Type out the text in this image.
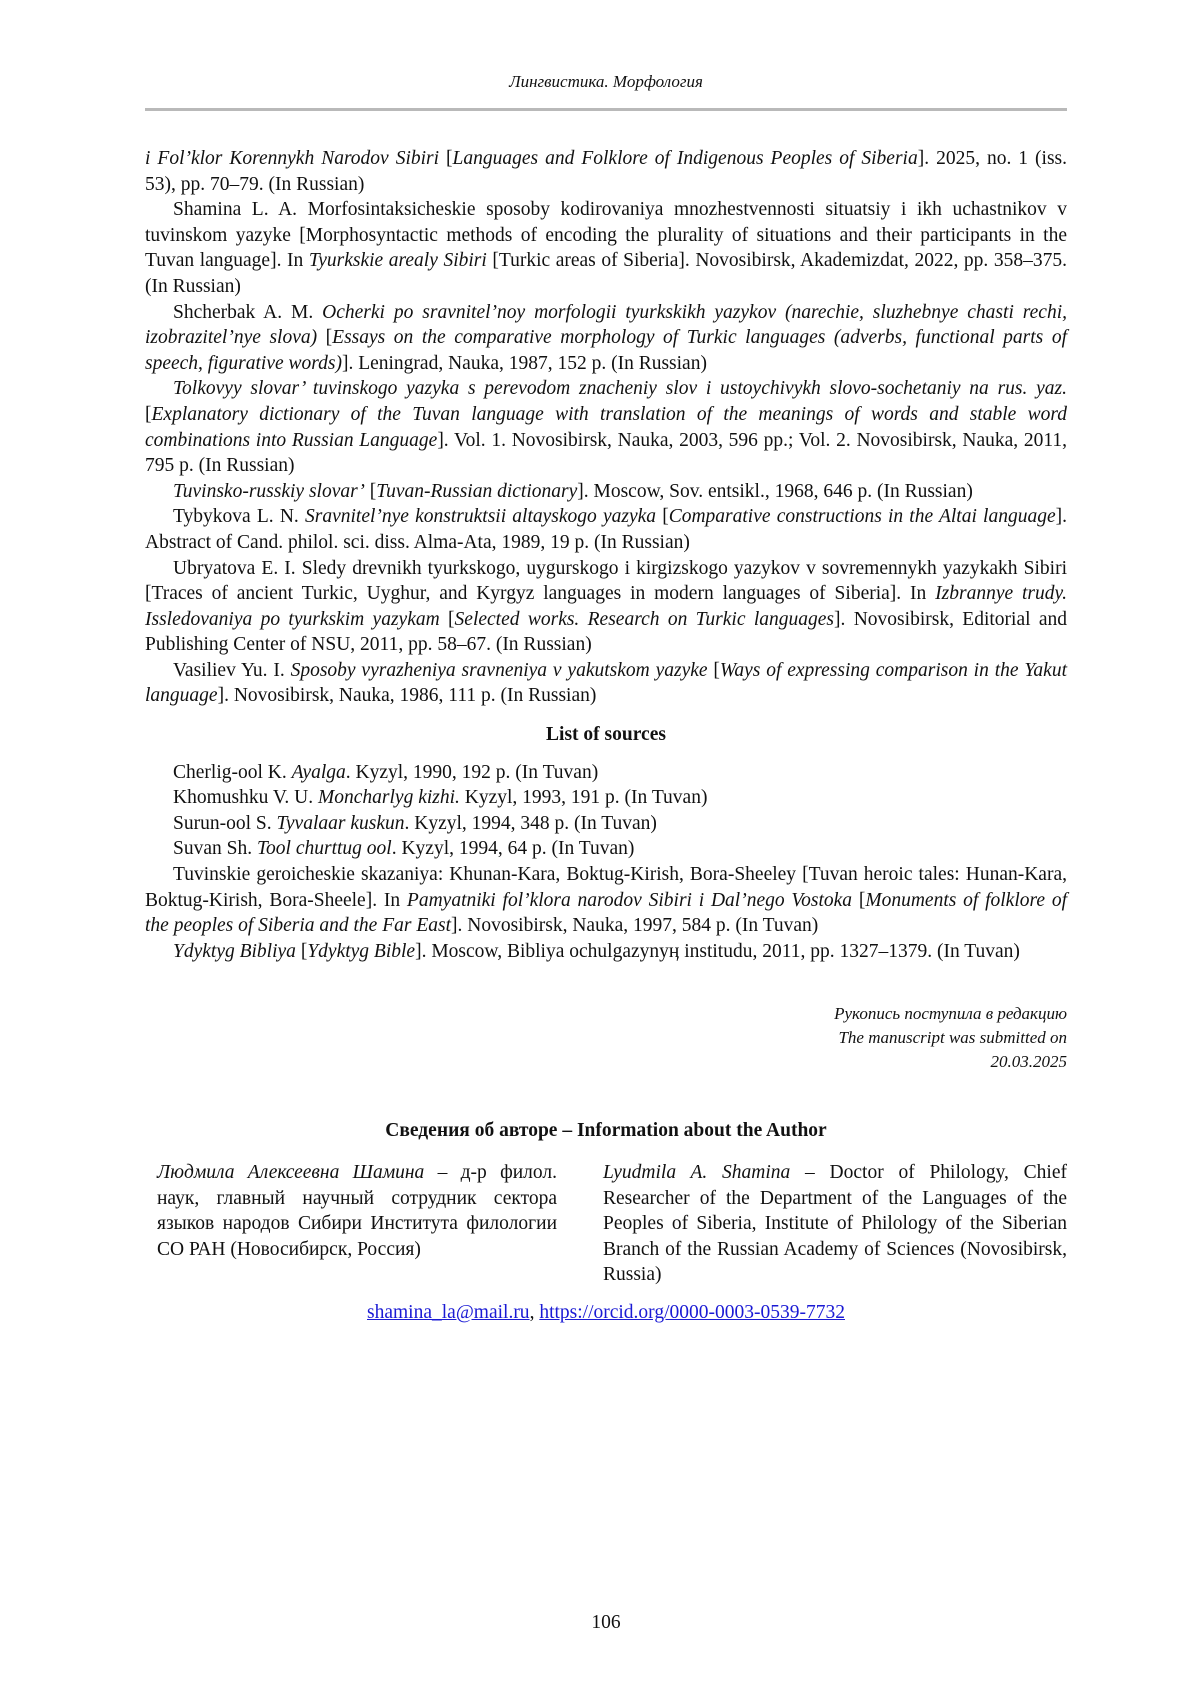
Лингвистика. Морфология

i Fol’klor Korennykh Narodov Sibiri [Languages and Folklore of Indigenous Peoples of Siberia]. 2025, no. 1 (iss. 53), pp. 70–79. (In Russian)

Shamina L. A. Morfosintaksicheskie sposoby kodirovaniya mnozhestvennosti situatsiy i ikh uchastnikov v tuvinskom yazyke [Morphosyntactic methods of encoding the plurality of situations and their participants in the Tuvan language]. In Tyurkskie arealy Sibiri [Turkic areas of Siberia]. Novosibirsk, Akademizdat, 2022, pp. 358–375. (In Russian)

Shcherbak A. M. Ocherki po sravnitel’noy morfologii tyurkskikh yazykov (narechie, sluzhebnye chasti rechi, izobrazitel’nye slova) [Essays on the comparative morphology of Turkic languages (adverbs, functional parts of speech, figurative words)]. Leningrad, Nauka, 1987, 152 p. (In Russian)

Tolkovyy slovar’ tuvinskogo yazyka s perevodom znacheniy slov i ustoychivykh slovo-sochetaniy na rus. yaz. [Explanatory dictionary of the Tuvan language with translation of the meanings of words and stable word combinations into Russian Language]. Vol. 1. Novosibirsk, Nauka, 2003, 596 pp.; Vol. 2. Novosibirsk, Nauka, 2011, 795 p. (In Russian)

Tuvinsko-russkiy slovar’ [Tuvan-Russian dictionary]. Moscow, Sov. entsikl., 1968, 646 p. (In Russian)

Tybykova L. N. Sravnitel’nye konstruktsii altayskogo yazyka [Comparative constructions in the Altai language]. Abstract of Cand. philol. sci. diss. Alma-Ata, 1989, 19 p. (In Russian)

Ubryatova E. I. Sledy drevnikh tyurkskogo, uygurskogo i kirgizskogo yazykov v sovremennykh yazykakh Sibiri [Traces of ancient Turkic, Uyghur, and Kyrgyz languages in modern languages of Siberia]. In Izbrannye trudy. Issledovaniya po tyurkskim yazykam [Selected works. Research on Turkic languages]. Novosibirsk, Editorial and Publishing Center of NSU, 2011, pp. 58–67. (In Russian)

Vasiliev Yu. I. Sposoby vyrazheniya sravneniya v yakutskom yazyke [Ways of expressing comparison in the Yakut language]. Novosibirsk, Nauka, 1986, 111 p. (In Russian)

List of sources

Cherlig-ool K. Ayalga. Kyzyl, 1990, 192 p. (In Tuvan)

Khomushku V. U. Moncharlyg kizhi. Kyzyl, 1993, 191 p. (In Tuvan)

Surun-ool S. Tyvalaar kuskun. Kyzyl, 1994, 348 p. (In Tuvan)

Suvan Sh. Tool churttug ool. Kyzyl, 1994, 64 p. (In Tuvan)

Tuvinskie geroicheskie skazaniya: Khunan-Kara, Boktug-Kirish, Bora-Sheeley [Tuvan heroic tales: Hunan-Kara, Boktug-Kirish, Bora-Sheele]. In Pamyatniki fol’klora narodov Sibiri i Dal’nego Vostoka [Monuments of folklore of the peoples of Siberia and the Far East]. Novosibirsk, Nauka, 1997, 584 p. (In Tuvan)

Ydyktyg Bibliya [Ydyktyg Bible]. Moscow, Bibliya ochulgazynyӊ institudu, 2011, pp. 1327–1379. (In Tuvan)

Рукопись поступила в редакцию
The manuscript was submitted on
20.03.2025

Сведения об авторе – Information about the Author

Людмила Алексеевна Шамина – д-р филол. наук, главный научный сотрудник сектора языков народов Сибири Института филологии СО РАН (Новосибирск, Россия)

Lyudmila A. Shamina – Doctor of Philology, Chief Researcher of the Department of the Languages of the Peoples of Siberia, Institute of Philology of the Siberian Branch of the Russian Academy of Sciences (Novosibirsk, Russia)

shamina_la@mail.ru, https://orcid.org/0000-0003-0539-7732

106
